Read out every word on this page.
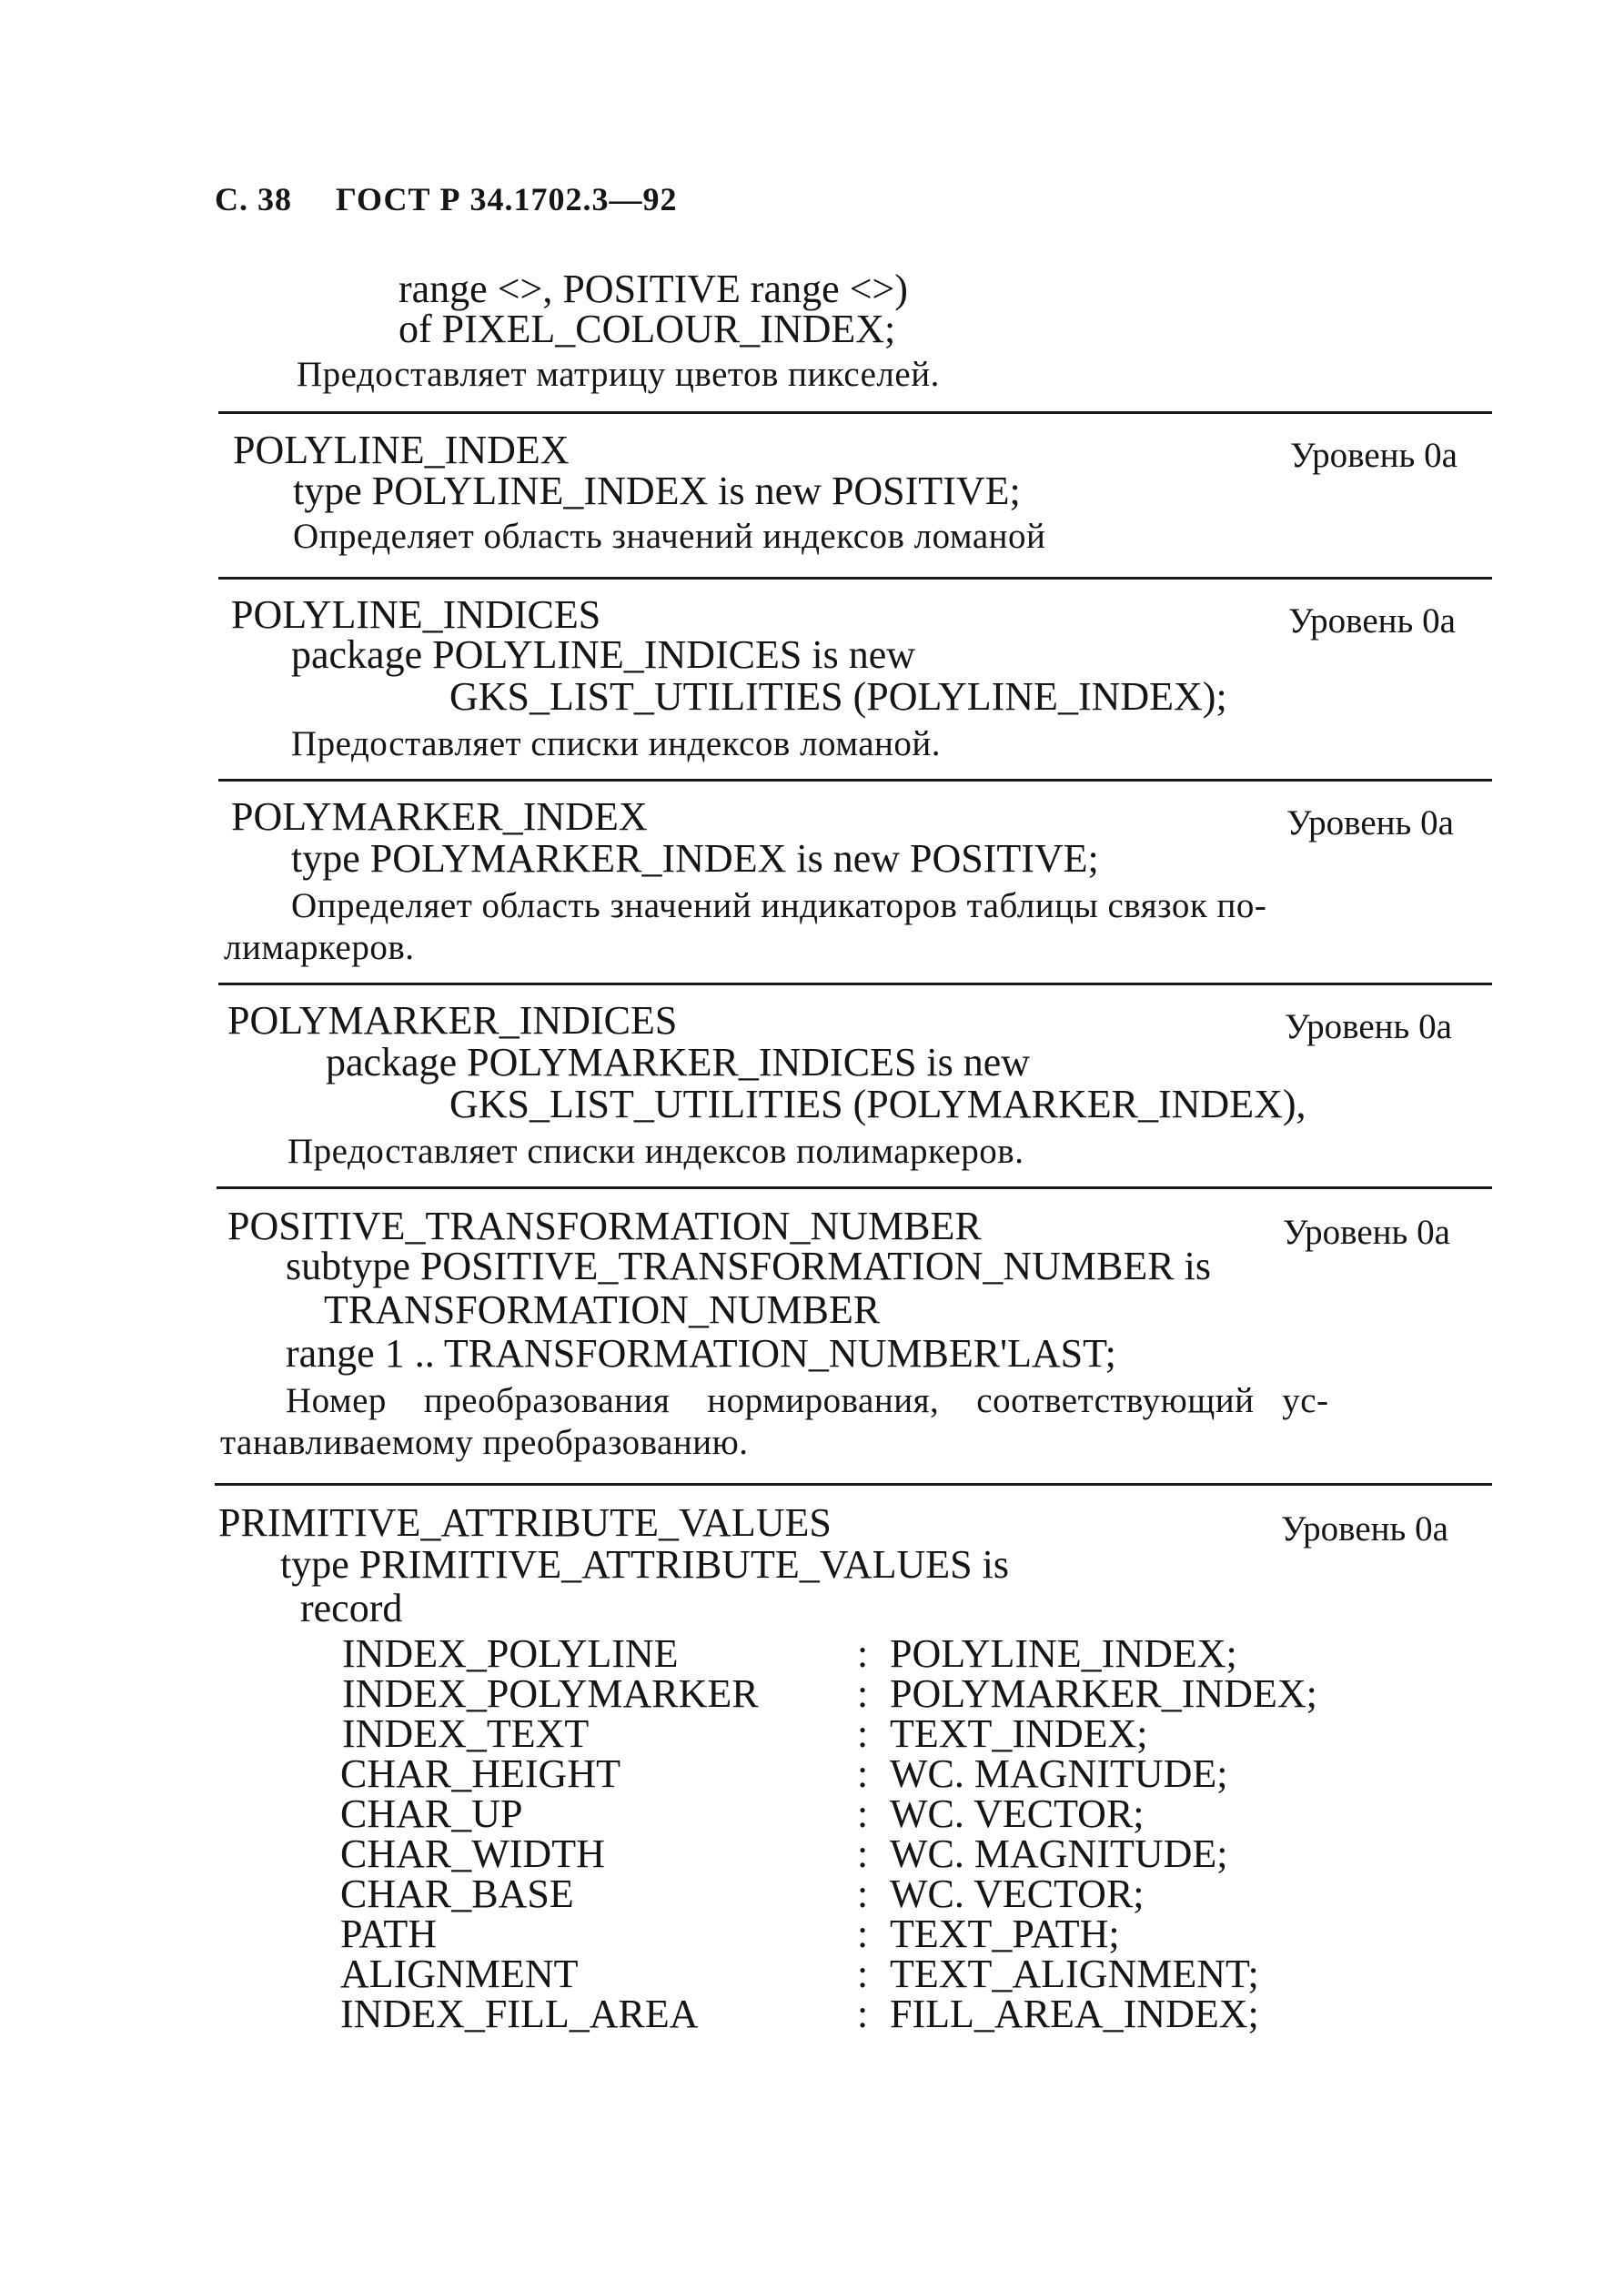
С. 38 ГОСТ Р 34.1702.3—92
range <>, POSITIVE range <>)
of PIXEL_COLOUR_INDEX;
Предоставляет матрицу цветов пикселей.
POLYLINE_INDEX	Уровень 0а
type POLYLINE_INDEX is new POSITIVE;
Определяет область значений индексов ломаной
POLYLINE_INDICES	Уровень 0а
package POLYLINE_INDICES is new
GKS_LIST_UTILITIES (POLYLINE_INDEX);
Предоставляет списки индексов ломаной.
POLYMARKER_INDEX	Уровень 0а
type POLYMARKER_INDEX is new POSITIVE;
Определяет область значений индикаторов таблицы связок по-
лимаркеров.
POLYMARKER_INDICES	Уровень 0а
package POLYMARKER_INDICES is new
GKS_LIST_UTILITIES (POLYMARKER_INDEX),
Предоставляет списки индексов полимаркеров.
POSITIVE_TRANSFORMATION_NUMBER	Уровень 0а
subtype POSITIVE_TRANSFORMATION_NUMBER is
TRANSFORMATION_NUMBER
range 1 .. TRANSFORMATION_NUMBER'LAST;
Номер    преобразования    нормирования,    соответствующий   ус-
танавливаемому преобразованию.
PRIMITIVE_ATTRIBUTE_VALUES	Уровень 0а
type PRIMITIVE_ATTRIBUTE_VALUES is
record
INDEX_POLYLINE	: POLYLINE_INDEX;
INDEX_POLYMARKER : POLYMARKER_INDEX;
INDEX_TEXT	: TEXT_INDEX;
CHAR_HEIGHT	: WC. MAGNITUDE;
CHAR_UP	: WC. VECTOR;
CHAR_WIDTH	: WC. MAGNITUDE;
CHAR_BASE	: WC. VECTOR;
PATH	: TEXT_PATH;
ALIGNMENT	: TEXT_ALIGNMENT;
INDEX_FILL_AREA	: FILL_AREA_INDEX;
